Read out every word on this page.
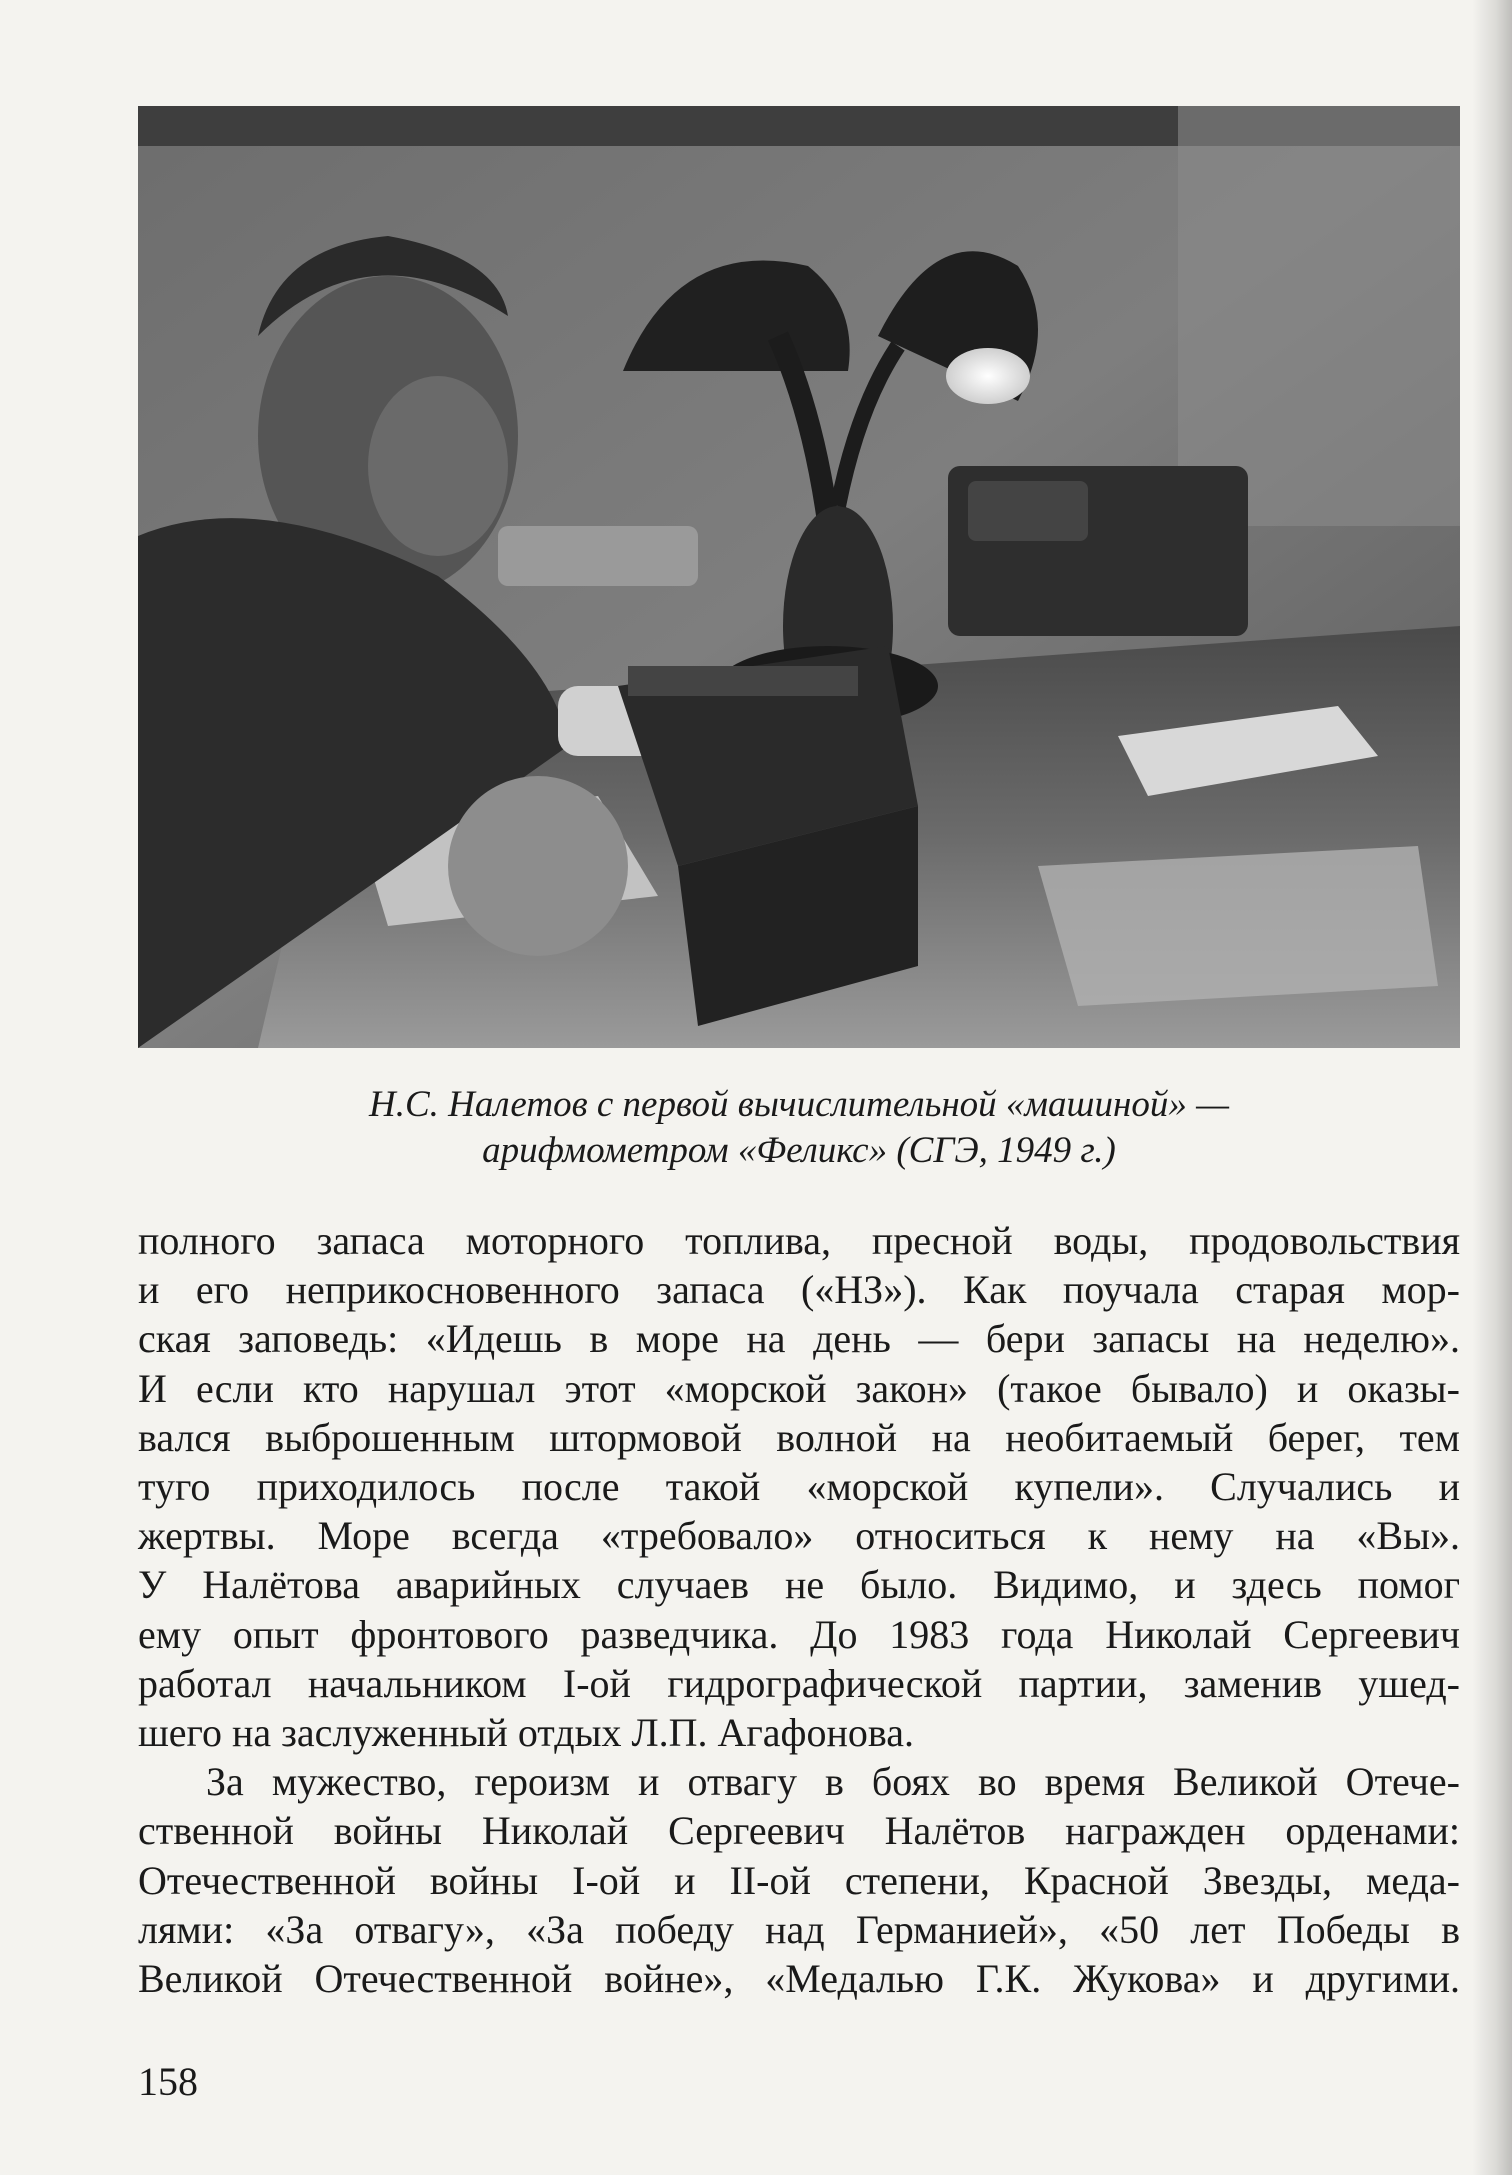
Н.С. Налетов с первой вычислительной «машиной» —
арифмометром «Феликс» (СГЭ, 1949 г.)
полного запаса моторного топлива, пресной воды, продовольствия
и его неприкосновенного запаса («НЗ»). Как поучала старая мор-
ская заповедь: «Идешь в море на день — бери запасы на неделю».
И если кто нарушал этот «морской закон» (такое бывало) и оказы-
вался выброшенным штормовой волной на необитаемый берег, тем
туго приходилось после такой «морской купели». Случались и
жертвы. Море всегда «требовало» относиться к нему на «Вы».
У Налётова аварийных случаев не было. Видимо, и здесь помог
ему опыт фронтового разведчика. До 1983 года Николай Сергеевич
работал начальником I-ой гидрографической партии, заменив ушед-
шего на заслуженный отдых Л.П. Агафонова.
За мужество, героизм и отвагу в боях во время Великой Отече-
ственной войны Николай Сергеевич Налётов награжден орденами:
Отечественной войны I-ой и II-ой степени, Красной Звезды, меда-
лями: «За отвагу», «За победу над Германией», «50 лет Победы в
Великой Отечественной войне», «Медалью Г.К. Жукова» и другими.
158
